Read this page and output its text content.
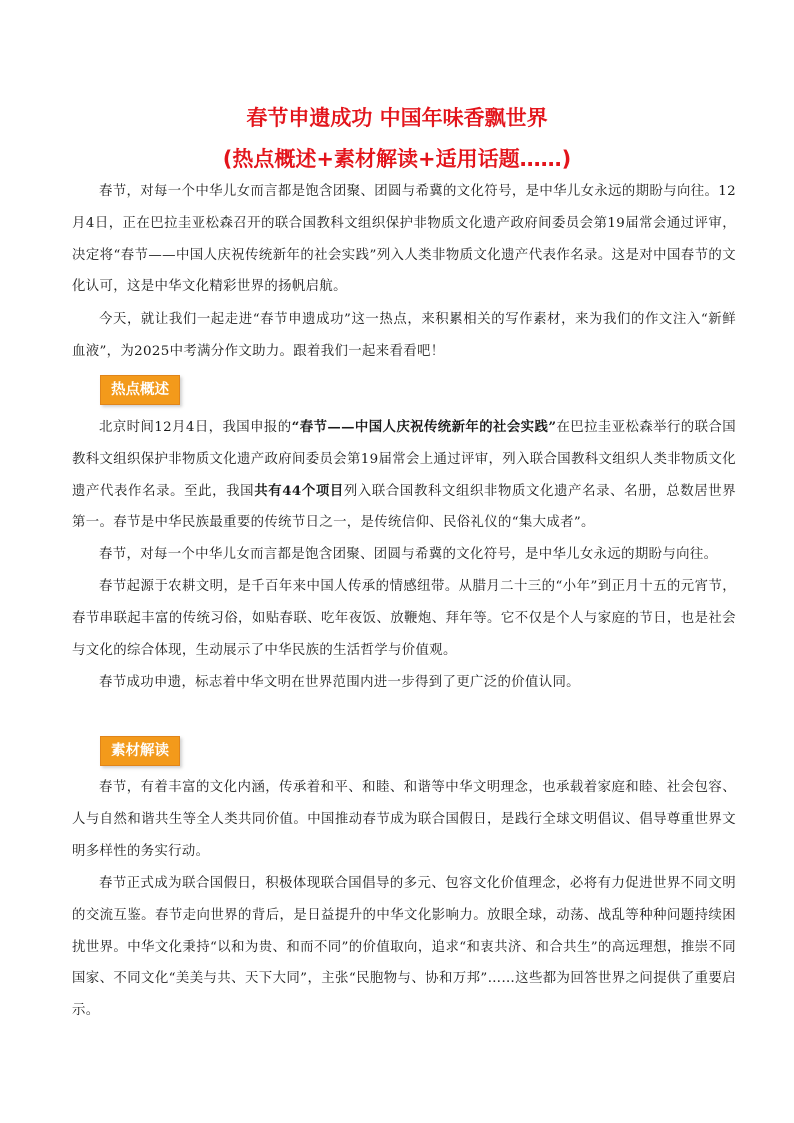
春节申遗成功 中国年味香飘世界
(热点概述+素材解读+适用话题……)

春节，对每一个中华儿女而言都是饱含团聚、团圆与希冀的文化符号，是中华儿女永远的期盼与向往。12月4日，正在巴拉圭亚松森召开的联合国教科文组织保护非物质文化遗产政府间委员会第19届常会通过评审，决定将“春节——中国人庆祝传统新年的社会实践”列入人类非物质文化遗产代表作名录。这是对中国春节的文化认可，这是中华文化精彩世界的扬帆启航。

今天，就让我们一起走进“春节申遗成功”这一热点，来积累相关的写作素材，来为我们的作文注入“新鲜血液”，为2025中考满分作文助力。跟着我们一起来看看吧！

热点概述

北京时间12月4日，我国申报的“春节——中国人庆祝传统新年的社会实践”在巴拉圭亚松森举行的联合国教科文组织保护非物质文化遗产政府间委员会第19届常会上通过评审，列入联合国教科文组织人类非物质文化遗产代表作名录。至此，我国共有44个项目列入联合国教科文组织非物质文化遗产名录、名册，总数居世界第一。春节是中华民族最重要的传统节日之一，是传统信仰、民俗礼仪的“集大成者”。

春节，对每一个中华儿女而言都是饱含团聚、团圆与希冀的文化符号，是中华儿女永远的期盼与向往。

春节起源于农耕文明，是千百年来中国人传承的情感纽带。从腊月二十三的“小年”到正月十五的元宵节，春节串联起丰富的传统习俗，如贴春联、吃年夜饭、放鞭炮、拜年等。它不仅是个人与家庭的节日，也是社会与文化的综合体现，生动展示了中华民族的生活哲学与价值观。

春节成功申遗，标志着中华文明在世界范围内进一步得到了更广泛的价值认同。

素材解读

春节，有着丰富的文化内涵，传承着和平、和睦、和谐等中华文明理念，也承载着家庭和睦、社会包容、人与自然和谐共生等全人类共同价值。中国推动春节成为联合国假日，是践行全球文明倡议、倡导尊重世界文明多样性的务实行动。

春节正式成为联合国假日，积极体现联合国倡导的多元、包容文化价值理念，必将有力促进世界不同文明的交流互鉴。春节走向世界的背后，是日益提升的中华文化影响力。放眼全球，动荡、战乱等种种问题持续困扰世界。中华文化秉持“以和为贵、和而不同”的价值取向，追求“和衷共济、和合共生”的高远理想，推崇不同国家、不同文化“美美与共、天下大同”，主张“民胞物与、协和万邦”……这些都为回答世界之问提供了重要启示。
